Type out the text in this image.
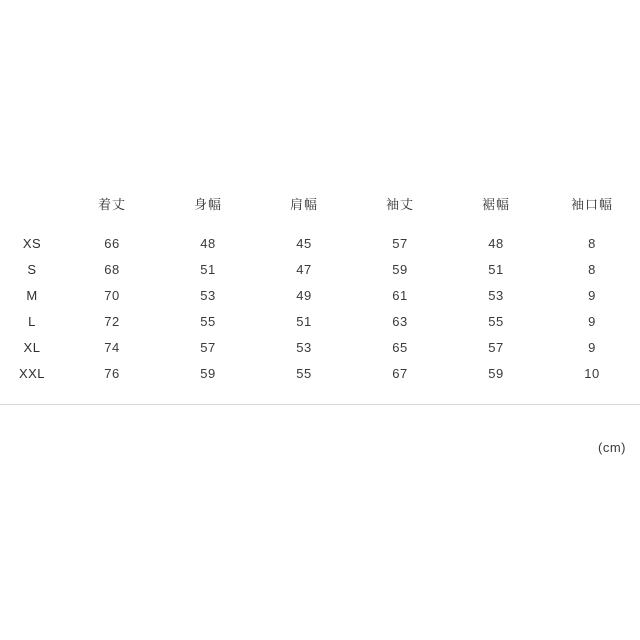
	着丈	身幅	肩幅	袖丈	裾幅	袖口幅
XS	66	48	45	57	48	8
S	68	51	47	59	51	8
M	70	53	49	61	53	9
L	72	55	51	63	55	9
XL	74	57	53	65	57	9
XXL	76	59	55	67	59	10
(cm)
